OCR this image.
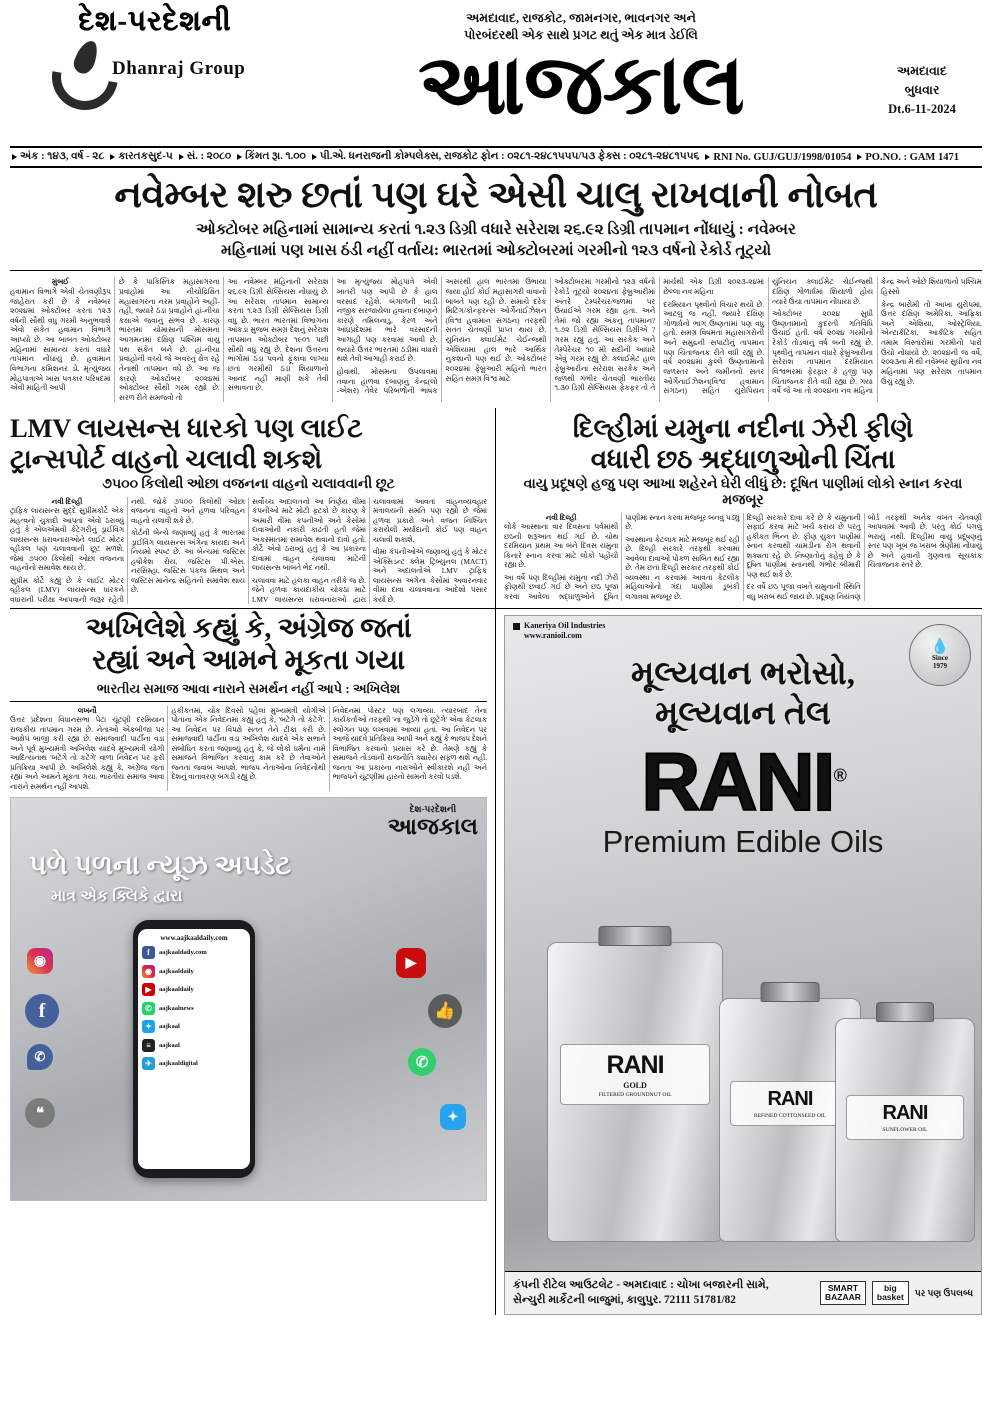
દેશ-પરદેશની
Dhanraj Group
અમદાવાદ, રાજકોટ, જામનગર, ભાવનગર અને
પોરબંદરથી એક સાથે પ્રગટ થતું એક માત્ર ડેઈલિ
આજકાલ	અમદાવાદ
બુધવાર
Dt.6-11-2024
અંક : ૧૪૩, વર્ષ - ૨૮ કારતકસુદ-૫ સં. : ૨૦૮૦ કિંમત રૂા. ૧.૦૦ પી.એ. ધનરાજની કોમ્પલેક્સ, રાજકોટ ફોન : ૦૨૮૧-૨૪૮૧૫૫૫/૫૩ ફેક્સ : ૦૨૮૧-૨૪૮૧૫૫૬ RNI No. GUJ/GUJ/1998/01054 PO.NO. : GAM 1471
નવેમ્બર શરુ છતાં પણ ઘરે એસી ચાલુ રાખવાની નોબત
ઓક્ટોબર મહિનામાં સામાન્ય કરતાં ૧.૨૩ ડિગ્રી વધારે સરેરાશ ૨૬.૯૨ ડિગ્રી તાપમાન નોંધાયું : નવેમ્બર
મહિનામાં પણ ખાસ ઠંડી નહીં વર્તાય: ભારતમાં ઓક્ટોબરમાં ગરમીનો ૧૨૩ વર્ષનો રેકોર્ડ તૂટ્યો

મુંબઈ
હવામાન વિભાગે એવી ચેતવણીરૂપ જાહેરાત કરી છે કે નવેમ્બર ૨૦૨૪માં ઓક્ટોબર કરતાં ૧૨૩ વર્ષની સૌથી વધુ ગરમી અનુભવાશે એવો સંકેત હવામાન વિભાગે આપ્યો છે. આ બાબત ઓક્ટોબર મહિનામાં સામાન્ય કરતાં વધારે તાપમાન નોંધાયું છે. હવામાન વિભાગના કમિશનર ડો. મૃત્યુંજય મોહપાત્રાએ ખાસ પત્રકાર પરિષદમાં એવી માહિતી આપી

છે કે પાકિસ્તિક મહાસાગરના પ્રવાહોમાં આ નીચોદ્રિક્ષિત મહાસાગરના નરમ પ્રવાહોને અહીં-તહીં, જ્યારે ઠંડા પ્રવાહોને હાં-નીચા કક્ષાએ જવાનું સંભવ છે. કારણ ભારતમાં ચોમાસાની મોસમના આગમનમાં દક્ષિણ પશ્ચિમ વાયુ પથ સંકેત બને છે. હાં-નીચા પ્રવાહોની વચ્ચે જે અવરનું ક્ષેત્ર રહે તેનાથી તાપમાન વધે છે. આ જ કારણે ઓક્ટોબર ૨૦૨૪માં ઓક્ટોબર સૌથી ગરમ રહ્યો છે. સરળ રીતે સમજવો તો

આ નવેમ્બર મહિનાની સરેરાશ ૨૬.૯૨ ડિગ્રી સેલ્સિયસ નોંધાયું છે. આ સરેરાશ તાપમાન સામાન્ય કરતાં ૧.૨૩ ડિગ્રી સેલ્સિયસ ડિગ્રી વધુ છે. ભારત ભારતમાં વિભાગના આંકડા મુજબ સમગ્ર દેશનું સરેરાશ તાપમાન ઓક્ટોબર ૧૯૦૧ પછી સૌથી વધુ રહ્યું છે. દેશના ઉત્તરના ભાગોમાં ઠંડા પવનો ફૂંકાવા લાગ્યા છતાં ગરમીથી ઠંડા શિયાળાનો આનંદ નહીં માણી શકે તેવી સંભાવના છે.

આ મૃત્યુંજય મોહપાત્રે એવી ખાતરી પણ આપી છે કે હાલ વરસાદ રહેશે. બંગાળની ખાડી નજીક સરજાયેલા હવાના દબાણને કારણે તમિલનાડુ, કેરળ અને આંધ્રપ્રદેશમાં ભારે વરસાદની આગાહી પણ કરવામાં આવી છે. જ્યારે ઉત્તર ભારતમાં ઠંડીમાં વધારો થશે તેવી આગાહી કરાઈ છે.

હોવાથી, મોસમના ઉપલાવમાં તવાના હાળવા દબાણનું કેન્દ્ર(લો -એશર) તેવેર પરિબળોની ભાષક અસરથી હાલ ભારતમાં ઉભાયા જયા હોઈ કોઈ મહાસાગરી વાવાનો બાબતે પણ રહી છે. સમાચે દરેક મિટિંગ/કોન્ફરન્સ ઓર્ગેનાઈઝેશન (વિશ્વ હવામાન સંગઠન) તરફથી સતત ચેતવણી પ્રાપ્ત થાય છે. યુનિયન ક્લાઈમેટ ચેઈન્જથી એશિયામાં હાલ ભારે આર્થિક નુકશાની પણ થઈ છે. ઓક્ટોબર ૨૦૨૪માં ફેબ્રુઆરી મહિનો ભારત સહિત સમગ્ર વિશ્વ માટે

ઓક્ટોબરમાં ગરમીનો ૧૨૩ વર્ષનો રેકોર્ડ તૂટ્યો ૨૦૨૪ના ફેબ્રુઆરીમાં અંતરે ટેમ્પરેચર/જળમાં પર ઉંચાઈએ ગરમ રહ્યા હતા. અને તેમાં જો રહ્યા અંકનું તાપમાન? ૧.૭૨ ડિગ્રી સેલ્સિયસ ડિગ્રીએ ? ગરમ રહ્યું હતું. આ સરકેક અને તેમ્પેરેચર ૧૦ મી સદીની આધારે એવું ગરમ રહ્યું છે. ક્લાઈમેટ હાલ ફેબ્રુઆરીના સરેરાશ સરકેક અને જળથી ગંભીર ચેતવણી ભારતીય ૧.૩૦ ડિગ્રી સેલ્સિયસ ફેકફર તો તે માર્ચથી એક ડિગ્રી ૨૦૨૩-૨૪માં છેલ્લા નવ મહિના

દરમિયાન પૃથ્વીનો વિચાર થયો છે. આટલું જ નહીં, જ્યારે દક્ષિણ ગોળાર્ધનો ભાગ ઉષ્ણતામાં પણ વધુ હતો. સમગ્ર વિષમતા મહાસાગરોની અને સમુદ્રની સપાટીનું તાપમાન પણ ચિંતાજનક રીતે વધી રહ્યું છે. વર્ષ ૨૦૨૪માં કુલ્લે ઉષ્ણતામાનો જળસ્તર અને જમીનનો સતર ઓર્ગેનાઈઝેશન(વિશ્વ હવામાન સંગઠન) સહિત યુરોપિયન યુનિયન ક્લાઈમેટ ચેઈન્જથી દક્ષિણ ગોળાર્ધમાં શિયાળો હોય ત્યારે ઉંચા તાપમાન નોંધાયા છે.

ઓક્ટોબર ૨૦૨૪ સુધી ઉષ્ણતામાનો કુદરતી ગતિવિધિ ઉંચાઈ હતી. વર્ષ ૨૦૨૪ ગરમીનો રેકોર્ડ તોડવાનું વર્ષ બની રહ્યું છે. પૃથ્વીનું તાપમાન વધારે ફેબ્રુઆરીના સરેરાશ તાપમાન દરમિયાન વિશ્વભરમાં ફેરફાર કે હજી પણ ચિંતાજનક રીતે વધી રહ્યા છે. ગયા વર્ષે જે આ તો ૨૦૨૪ના નવ મહિના કેન્દ્ર અને ઓછે શિયાળાનો પશ્ચિમ હિસ્સો

કેન્દ્ર બારોમી તો આખા યુરોપમાં, ઉત્તર દક્ષિણ અમેરિકા, આફ્રિકા અને એશિયા, ઓસ્ટ્રેલિયા, એન્ટાર્કટિકા, આર્કટિક સહિત તમામ વિસ્તારોમાં ગરમીનો પારો ઉંચો નોંધાયો છે. ૨૦૨૪ની જ વર્ષે, ૨૦૨૩ના મેં થી નવેમ્બર સુધીના નવ મહિનામાં પણ સરેરાશ તાપમાન ઉંચું રહ્યું છે.

LMV લાયસન્સ ધારકો પણ લાઈટ
ટ્રાન્સપોર્ટ વાહનો ચલાવી શકશે
૭૫૦૦ કિલોથી ઓછા વજનના વાહનો ચલાવવાની છૂટ

નવી દિલ્હી
ટ્રાફિક લાયસન્સ મુદ્દે સુપ્રીમકોર્ટે એક મહત્વનો ચુકાદો આપતાં એવો ઠરાવ્યું હતું કે એલએમવી કેટેગરીનું ડ્રાઈવિંગ લાયસન્સ ધરાવનારાઓને લાઈટ મોટર વ્હીકલ પણ ચલાવવાની છૂટ મળશે. જેમાં ૭૫૦૦ કિલોથી ઓછા વજનના વાહનોનો સમાવેશ થાય છે.

સુપ્રીમ કોર્ટે કહ્યું છે કે લાઈટ મોટર વ્હીકલ (LMV) લાયસન્સ ધારકને વધારાની પરીક્ષા આપવાની જરૂર રહેતી નથી. જોકે ૭૫૦૦ કિલોથી ઓછા વજનના વાહનો અને હળવા પરિવહન વાહનો ચલાવી શકે છે.

કોર્ટની બેન્ચે જણાવ્યું હતું કે ભારતમાં ડ્રાઈવિંગ લાયસન્સ અંગેના કાયદા અને નિયમો સ્પષ્ટ છે. આ બેન્ચમાં જસ્ટિસ હૃષીકેશ રોય, જસ્ટિસ પી.એસ. નરસિમ્હા, જસ્ટિસ પંકજ મિથલ અને જસ્ટિસ માનેન્દ્ર સહિતનો સમાવેશ થાય છે.

સર્વોચ્ચ અદાલતનો આ નિર્ણય વીમા કંપનીઓ માટે મોટી ફટકો છે કારણ કે અમારી વીમા કંપનીઓ અને કેસોમાં દાવાઓની નકારી કાઢતી હતી જેમાં અકસ્માતમાં સમાવેશ થવાનો દાવો હતો. કોર્ટે એવો ઠરાવ્યું હતું કે આ પ્રકારના દાવામાં વાહન ચલાવવા માટેની લાયસન્સ બાબતે ભેદ નથી.

ચલાવવા માટે હલકા વાહન તરીકે જ છે. જેને હળવા કાયદાકીય ચોકઠાં માટે LMV લાયસન્સ ધરાવનારાઓ દ્વારા ચલાવવામાં આવતાં વાહનવ્યવહાર મંત્રાલયની સંમતિ પણ રહ્યો છે જેમાં હળવા પ્રકારો અને વજન નિશ્ચિત કરાયેલી મર્યાદાની કોઈ પણ વાહન ચલાવી શકાશે.

વીમા કંપનીઓએ જણાવ્યું હતું કે મોટર એક્સિડન્ટ ક્લેમ ટ્રિબ્યુનલ (MACT) અને અદાલતોએ LMV ટ્રાફિક લાયસન્સ અંગેના કેસોમાં અવારનવાર વીમા દાવા ચલાવવાના આદેશો પસાર કર્યા છે.

દિલ્હીમાં યમુના નદીના ઝેરી ફીણે
વધારી છઠ શ્રદ્ધાળુઓની ચિંતા
વાયુ પ્રદૂષણે હજુ પણ આખા શહેરને ઘેરી લીધું છે: દૂષિત પાણીમાં લોકો સ્નાન કરવા મજબૂર

નવી દિલ્હી
લોકે આસ્થાના વાર દિવસના પર્વમાંથી છઠની શરૂઆત થઈ ગઈ છે. ચોથ દરમિયાન પ્રથમ આ બંને દિવસ યમુના કિનારે સ્નાન કરવા માટે લોકો પહોંચી રહ્યા છે.

આ વર્ષે પણ દિલ્હીમાં યમુના નદી ઝેરી ફીણથી છવાઈ ગઈ છે અને છઠ પૂજા કરવા આવેલા શ્રદ્ધાળુઓને દૂષિત પાણીમાં સ્નાન કરવા મજબૂર બનવું પડ્યું છે.

આસ્થાના કેટલાક માટે મજબૂર થઈ રહી છે. દિલ્હી સરકારે તરફથી કરવામાં આવેલા દાવાઓ પોકળ સાબિત થઈ રહ્યા છે. તેમ છતાં દિલ્હી સરકાર તરફથી કોઈ વ્યવસ્થા ન કરવામાં આવતા કેટલીક મહિલાઓનો ગંદા પાણીમાં ડૂબકી લગાવવા મજબૂર છે.

દિલ્હી સરકારે દાવા કરે છે કે યમુનાની સફાઈ કરવા માટે ખર્ચ કરાય છે પરંતુ હકીકત ભિન્ન છે. ફીણ યુક્ત પાણીમાં સ્નાન કરવાથી ચામડીના રોગ થવાની શક્યતા રહે છે. નિષ્ણાતોનું કહેવું છે કે દૂષિત પાણીમાં સ્નાનથી ગંભીર બીમારી પણ થઈ શકે છે.

દર વર્ષે છઠ પૂજા વખતે યમુનાની સ્થિતિ વધુ ખરાબ થઈ જાય છે. પ્રદૂષણ નિયંત્રણ બોર્ડ તરફથી અનેક વખત ચેતવણી આપવામાં આવી છે. પરંતુ કોઈ પગલું ભરાયું નથી. દિલ્હીમાં વાયુ પ્રદૂષણનું સ્તર પણ ખૂબ જ ખરાબ શ્રેણીમાં નોંધાયું છે અને હવાની ગુણવત્તા સૂચકાંક ચિંતાજનક સ્તરે છે.

અખિલેશે કહ્યું કે, અંગ્રેજ જતાં
રહ્યાં અને આમને મૂકતા ગયા
ભારતીય સમાજ આવા નારાને સમર્થન નહીં આપે : અખિલેશ

લખનૌ
ઉત્તર પ્રદેશના વિધાનસભા પેટા ચૂંટણી દરમિયાન રાજકીય તાપમાન ગરમ છે. નેતાઓ એકબીજા પર આક્ષેપ બાજી કરી રહ્યા છે. સમાજવાદી પાર્ટીના વડા અને પૂર્વ મુખ્યમંત્રી અખિલેશ યાદવે મુખ્યમંત્રી યોગી આદિત્યનાથ 'બટેંગે તો કટેંગે' વાળા નિવેદન પર ફરી પ્રતિક્રિયા આપી છે. અખિલેશે કહ્યું કે, અંગ્રેજ જતાં રહ્યાં અને આમને મૂકતા ગયા. ભારતીય સમાજ આવા નારાને સમર્થન નહીં આપશે.

હકીકતમાં, ચોક દિવસો પહેલાં મુખ્યમંત્રી યોગીએ પોતાના એક નિવેદનમાં કહ્યું હતું કે, 'બટેંગે તો કટેંગે'. આ નિવેદન પર વિપક્ષે સતત તેને ટીકા કરી છે. સમાજવાદી પાર્ટીના વડા અખિલેશ યાદવે એક સભાને સંબોધિત કરતા જણાવ્યું હતું કે, જે લોકો ધર્મના નામે સમાજને વિભાજિત કરવાનું કામ કરે છે તેવાઓને જનતા જવાબ આપશે. ભાજપ નેતાઓના નિવેદનોથી દેશનું વાતાવરણ બગડી રહ્યું છે.

નિવેદનમાં પોસ્ટર પણ લગાવ્યા. ત્યારબાદ તેના કાર્યકર્તાઓ તરફથી 'ના જુડેંગે તો છૂટેંગે' એવા કેટલાક સ્લોગન પણ લખવામાં આવ્યાં હતાં. આ નિવેદન પર આજે યાદવે પ્રતિક્રિયા આપી અને કહ્યું કે ભાજપ દેશને વિભાજિત કરવાનો પ્રયાસ કરે છે. તેમણે કહ્યું કે સમાજને તોડવાની રાજનીતિ ક્યારેય સફળ થશે નહીં. જનતા આ પ્રકારના નારાઓને સ્વીકારશે નહીં અને ભાજપને ચૂંટણીમાં હારનો સામનો કરવો પડશે.

દેશ-પરદેશની
આજકાલ
પળે પળના ન્યૂઝ અપડેટ
માત્ર એક ક્લિકે દ્વારા
◉
f
✆
❝
▶
👍
✆
✦
www.aajkaaldaily.com
f	aajkaaldaily.com
◉	aajkaaldaily
▶	aajkaaldaily
✆	aajkaalnews
✦	aajkaal
≡	aajkaal
✈	aajkaaldigital
Kaneriya Oil Industries
www.ranioil.com
💧
Since
1979
મૂલ્યવાન ભરોસો,
મૂલ્યવાન તેલ
RANI®
Premium Edible Oils
RANI
GOLD
FILTERED GROUNDNUT OIL	RANI
REFINED COTTONSEED OIL	RANI
SUNFLOWER OIL
કંપની રીટેલ આઉટલેટ - અમદાવાદ : ચોખા બજારની સામે,
સેન્ચુરી માર્કેટની બાજુમાં, કાલુપુર. 72111 51781/82
SMART
BAZAAR
big
basket પર પણ ઉપલબ્ધ
